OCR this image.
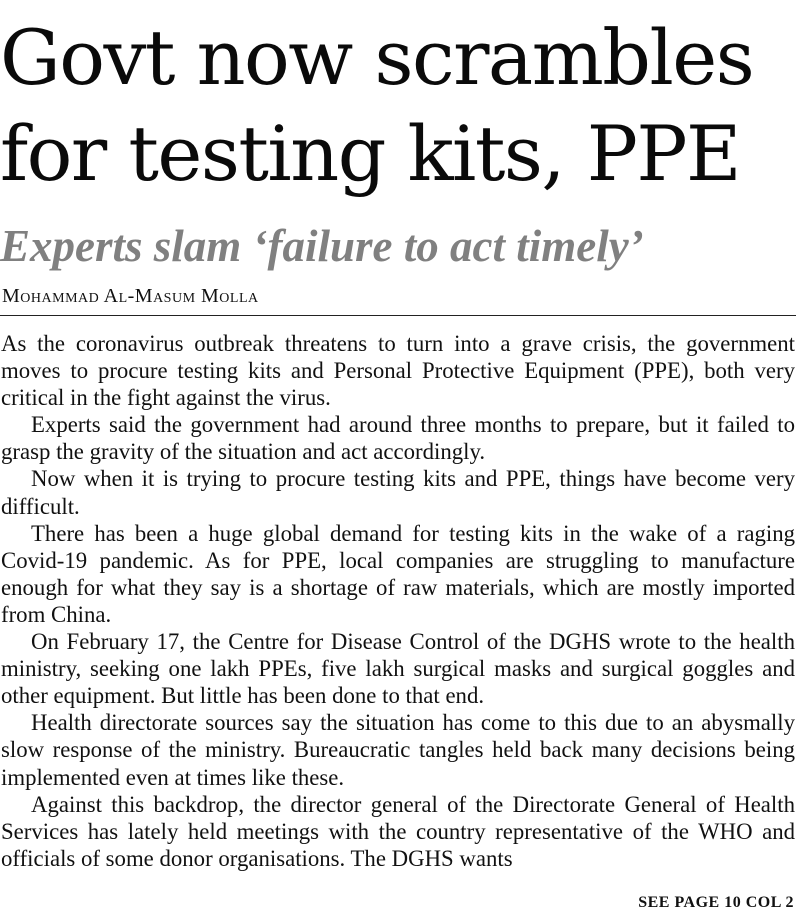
Govt now scrambles
for testing kits, PPE
Experts slam ‘failure to act timely’
Mohammad Al-Masum Molla

As the coronavirus outbreak threatens to turn into a grave crisis, the government moves to procure testing kits and Personal Protective Equipment (PPE), both very critical in the fight against the virus.

Experts said the government had around three months to prepare, but it failed to grasp the gravity of the situation and act accordingly.

Now when it is trying to procure testing kits and PPE, things have become very difficult.

There has been a huge global demand for testing kits in the wake of a raging Covid-19 pandemic. As for PPE, local companies are struggling to manufacture enough for what they say is a shortage of raw materials, which are mostly imported from China.

On February 17, the Centre for Disease Control of the DGHS wrote to the health ministry, seeking one lakh PPEs, five lakh surgical masks and surgical goggles and other equipment. But little has been done to that end.

Health directorate sources say the situation has come to this due to an abysmally slow response of the ministry. Bureaucratic tangles held back many decisions being implemented even at times like these.

Against this backdrop, the director general of the Directorate General of Health Services has lately held meetings with the country representative of the WHO and officials of some donor organisations. The DGHS wants

SEE PAGE 10 COL 2
